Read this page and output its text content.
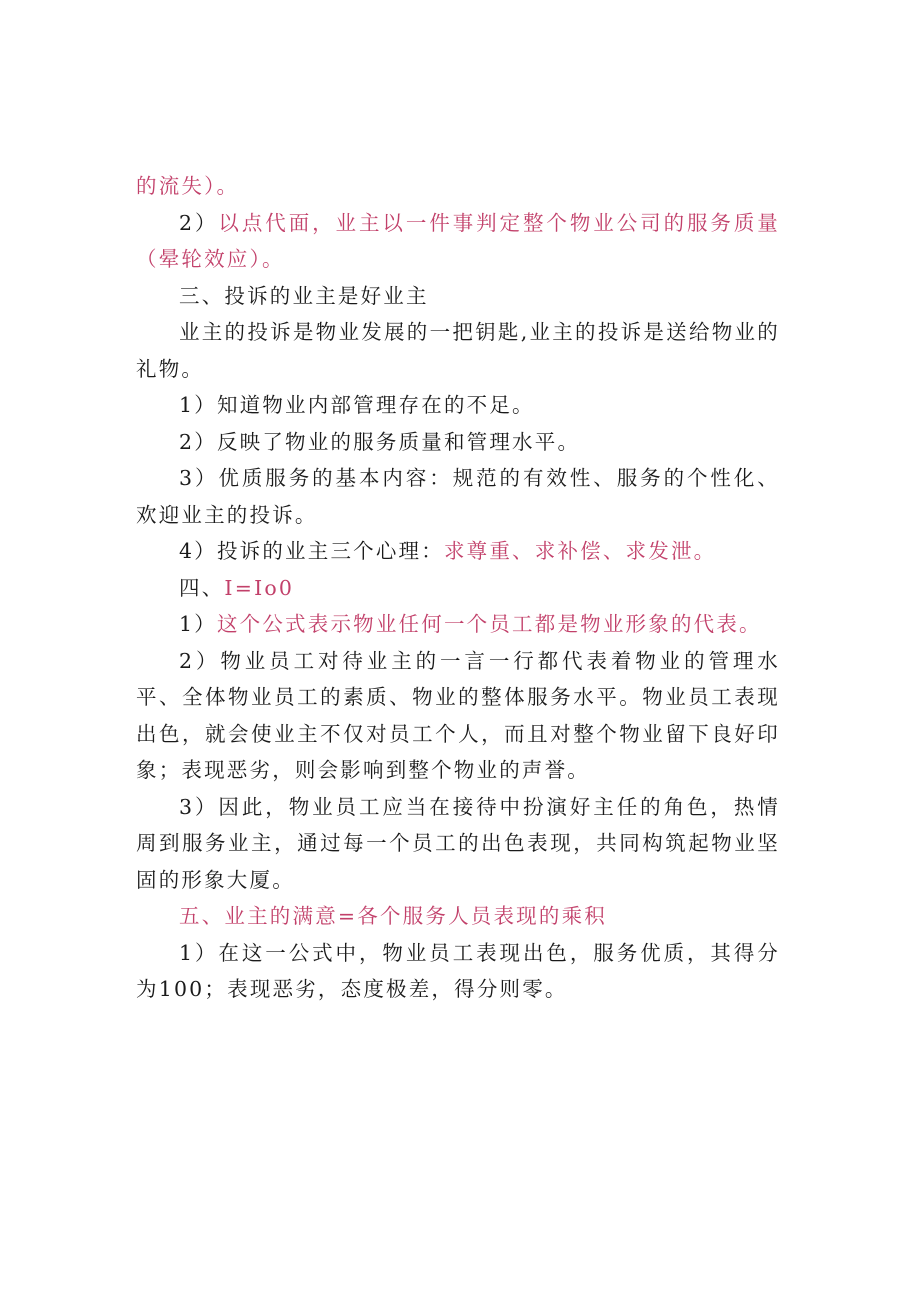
的流失）。

2）以点代面，业主以一件事判定整个物业公司的服务质量（晕轮效应）。

三、投诉的业主是好业主

业主的投诉是物业发展的一把钥匙,业主的投诉是送给物业的礼物。

1）知道物业内部管理存在的不足。

2）反映了物业的服务质量和管理水平。

3）优质服务的基本内容：规范的有效性、服务的个性化、欢迎业主的投诉。

4）投诉的业主三个心理：求尊重、求补偿、求发泄。

四、I=Io0

1）这个公式表示物业任何一个员工都是物业形象的代表。

2）物业员工对待业主的一言一行都代表着物业的管理水平、全体物业员工的素质、物业的整体服务水平。物业员工表现出色，就会使业主不仅对员工个人，而且对整个物业留下良好印象；表现恶劣，则会影响到整个物业的声誉。

3）因此，物业员工应当在接待中扮演好主任的角色，热情周到服务业主，通过每一个员工的出色表现，共同构筑起物业坚固的形象大厦。

五、业主的满意=各个服务人员表现的乘积

1）在这一公式中，物业员工表现出色，服务优质，其得分为100；表现恶劣，态度极差，得分则零。
